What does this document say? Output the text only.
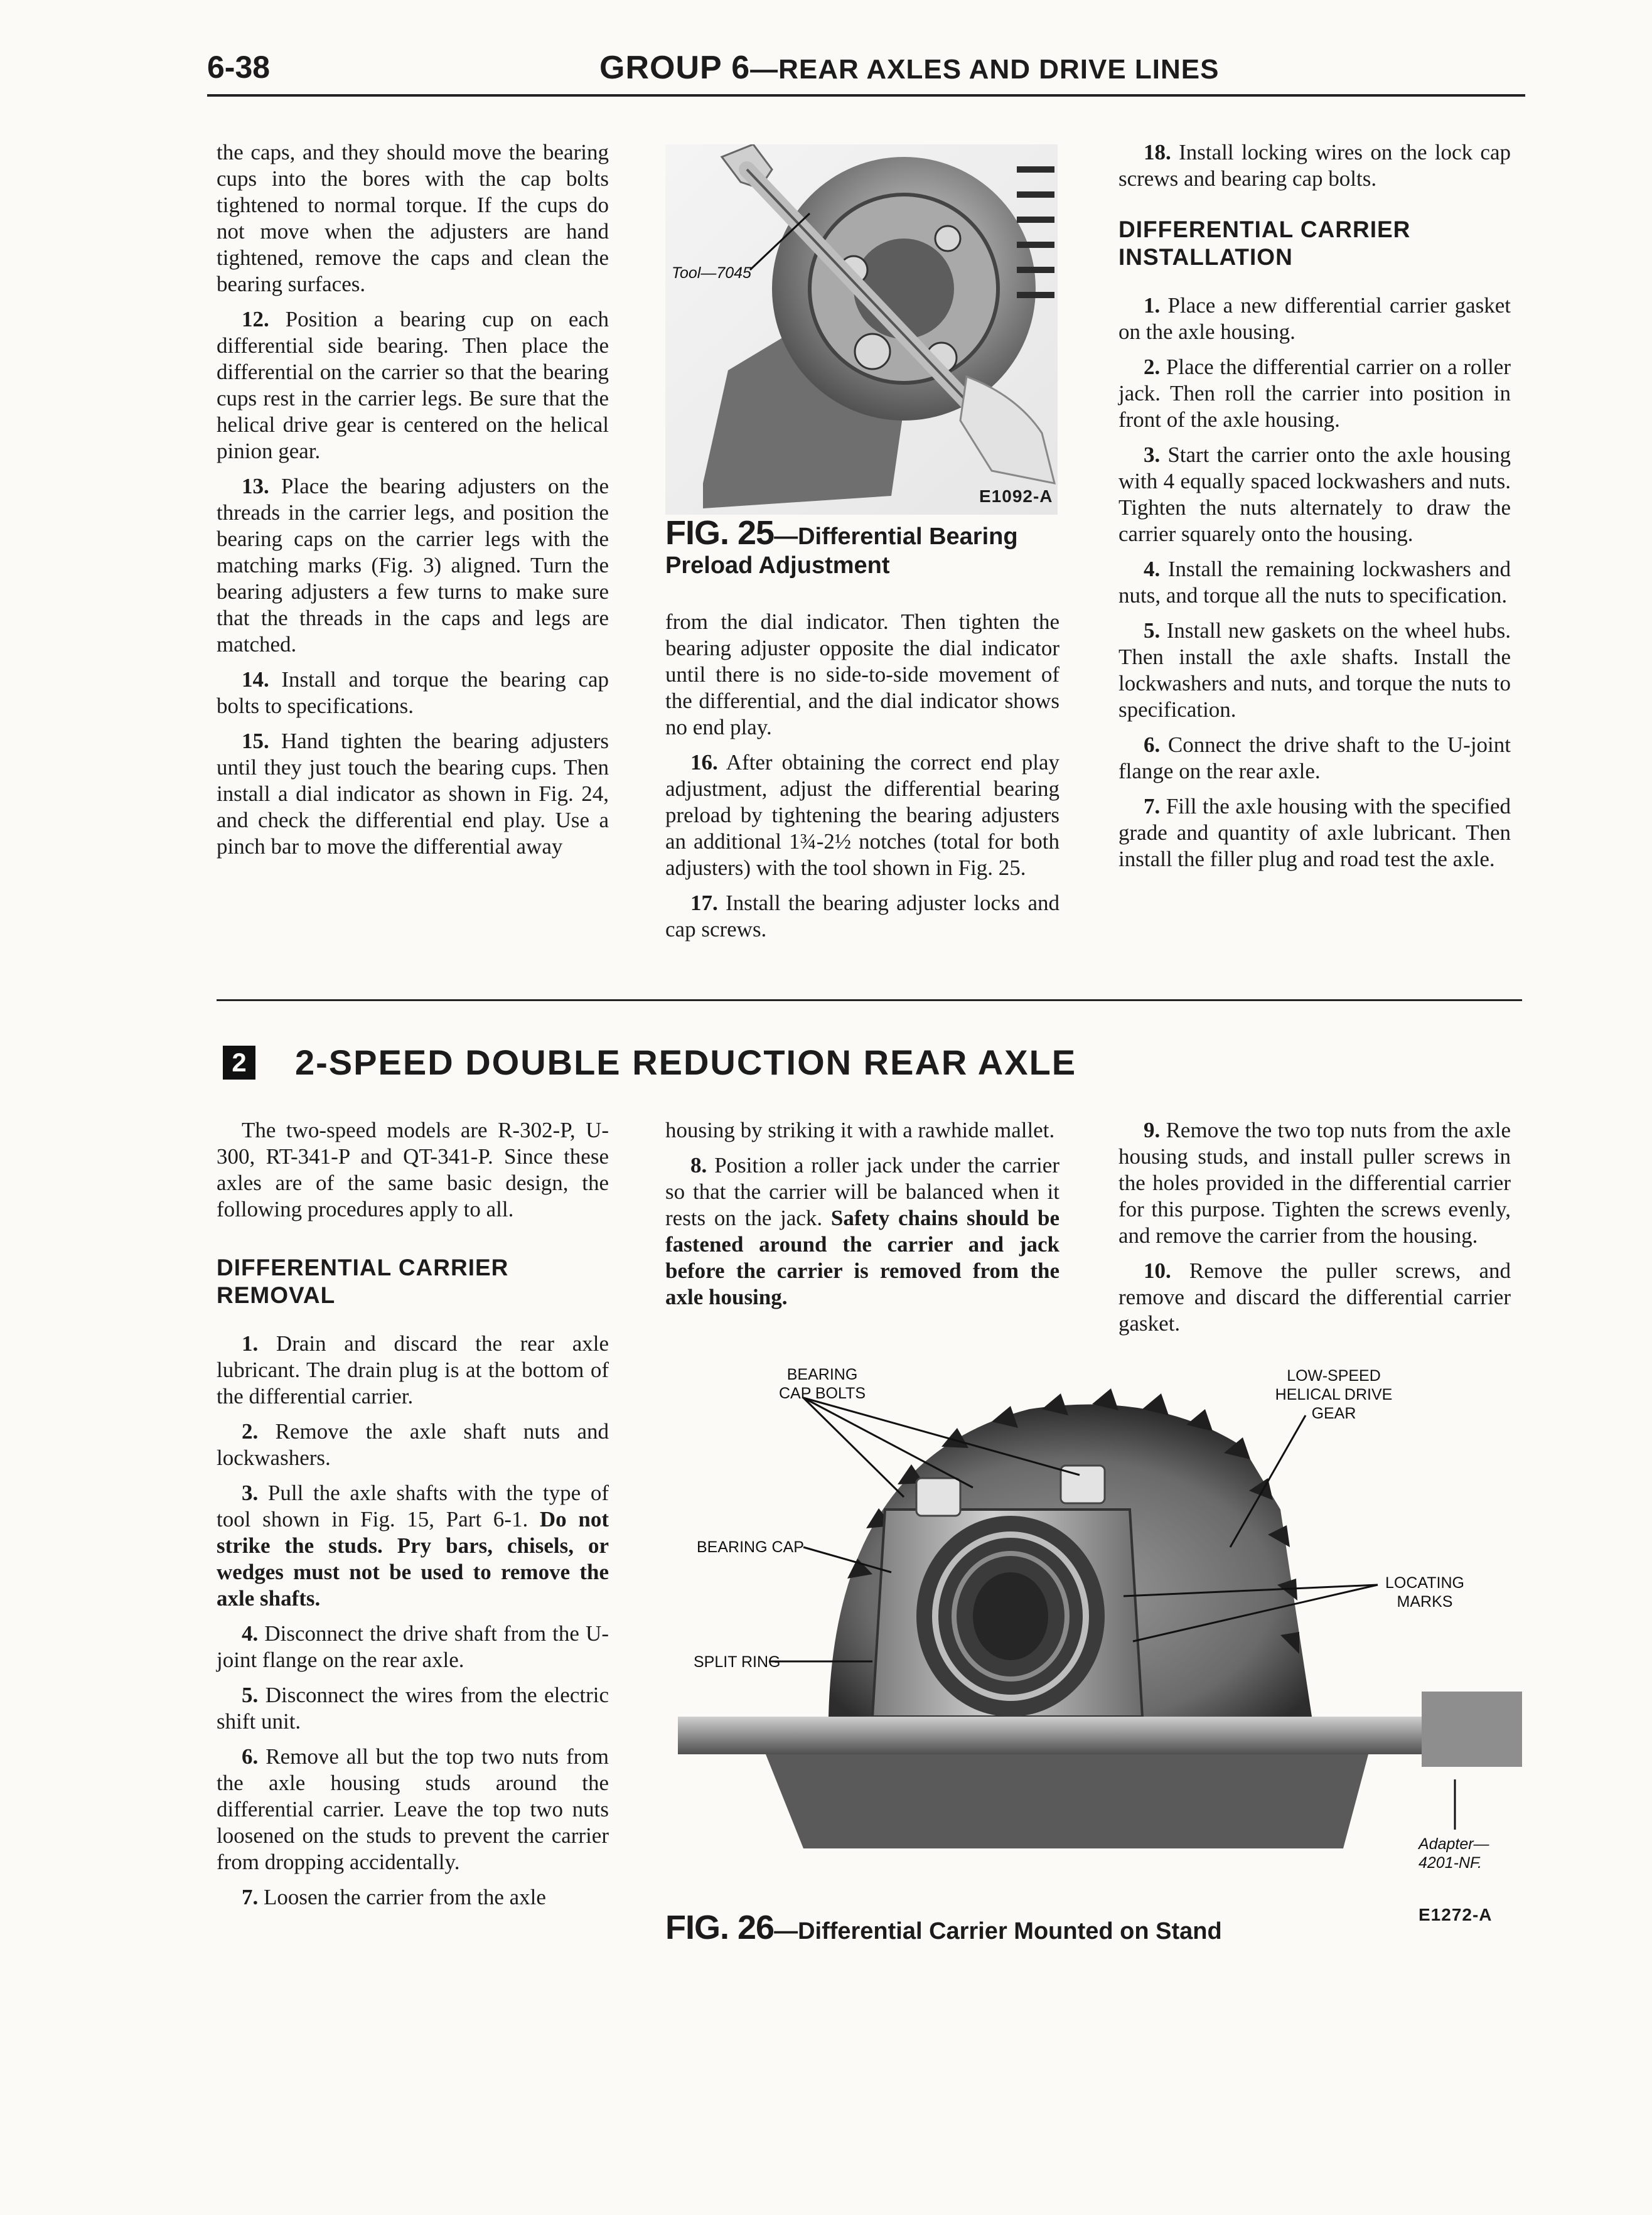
6-38	GROUP 6—REAR AXLES AND DRIVE LINES

the caps, and they should move the bearing cups into the bores with the cap bolts tightened to normal torque. If the cups do not move when the adjusters are hand tightened, remove the caps and clean the bearing surfaces.

12. Position a bearing cup on each differential side bearing. Then place the differential on the carrier so that the bearing cups rest in the carrier legs. Be sure that the helical drive gear is centered on the helical pinion gear.

13. Place the bearing adjusters on the threads in the carrier legs, and position the bearing caps on the carrier legs with the matching marks (Fig. 3) aligned. Turn the bearing adjusters a few turns to make sure that the threads in the caps and legs are matched.

14. Install and torque the bearing cap bolts to specifications.

15. Hand tighten the bearing adjusters until they just touch the bearing cups. Then install a dial indicator as shown in Fig. 24, and check the differential end play. Use a pinch bar to move the differential away

Tool—7045
E1092-A
FIG. 25—Differential Bearing Preload Adjustment

from the dial indicator. Then tighten the bearing adjuster opposite the dial indicator until there is no side-to-side movement of the differential, and the dial indicator shows no end play.

16. After obtaining the correct end play adjustment, adjust the differential bearing preload by tightening the bearing adjusters an additional 1¾-2½ notches (total for both adjusters) with the tool shown in Fig. 25.

17. Install the bearing adjuster locks and cap screws.

18. Install locking wires on the lock cap screws and bearing cap bolts.

DIFFERENTIAL CARRIER INSTALLATION

1. Place a new differential carrier gasket on the axle housing.

2. Place the differential carrier on a roller jack. Then roll the carrier into position in front of the axle housing.

3. Start the carrier onto the axle housing with 4 equally spaced lockwashers and nuts. Tighten the nuts alternately to draw the carrier squarely onto the housing.

4. Install the remaining lockwashers and nuts, and torque all the nuts to specification.

5. Install new gaskets on the wheel hubs. Then install the axle shafts. Install the lockwashers and nuts, and torque the nuts to specification.

6. Connect the drive shaft to the U-joint flange on the rear axle.

7. Fill the axle housing with the specified grade and quantity of axle lubricant. Then install the filler plug and road test the axle.

2 2-SPEED DOUBLE REDUCTION REAR AXLE

The two-speed models are R-302-P, U-300, RT-341-P and QT-341-P. Since these axles are of the same basic design, the following procedures apply to all.

DIFFERENTIAL CARRIER REMOVAL

1. Drain and discard the rear axle lubricant. The drain plug is at the bottom of the differential carrier.

2. Remove the axle shaft nuts and lockwashers.

3. Pull the axle shafts with the type of tool shown in Fig. 15, Part 6-1. Do not strike the studs. Pry bars, chisels, or wedges must not be used to remove the axle shafts.

4. Disconnect the drive shaft from the U-joint flange on the rear axle.

5. Disconnect the wires from the electric shift unit.

6. Remove all but the top two nuts from the axle housing studs around the differential carrier. Leave the top two nuts loosened on the studs to prevent the carrier from dropping accidentally.

7. Loosen the carrier from the axle

housing by striking it with a rawhide mallet.

8. Position a roller jack under the carrier so that the carrier will be balanced when it rests on the jack. Safety chains should be fastened around the carrier and jack before the carrier is removed from the axle housing.

9. Remove the two top nuts from the axle housing studs, and install puller screws in the holes provided in the differential carrier for this purpose. Tighten the screws evenly, and remove the carrier from the housing.

10. Remove the puller screws, and remove and discard the differential carrier gasket.

BEARING CAP BOLTS
BEARING CAP
SPLIT RING
LOW-SPEED HELICAL DRIVE GEAR
LOCATING MARKS
Adapter— 4201-NF.
E1272-A
FIG. 26—Differential Carrier Mounted on Stand
